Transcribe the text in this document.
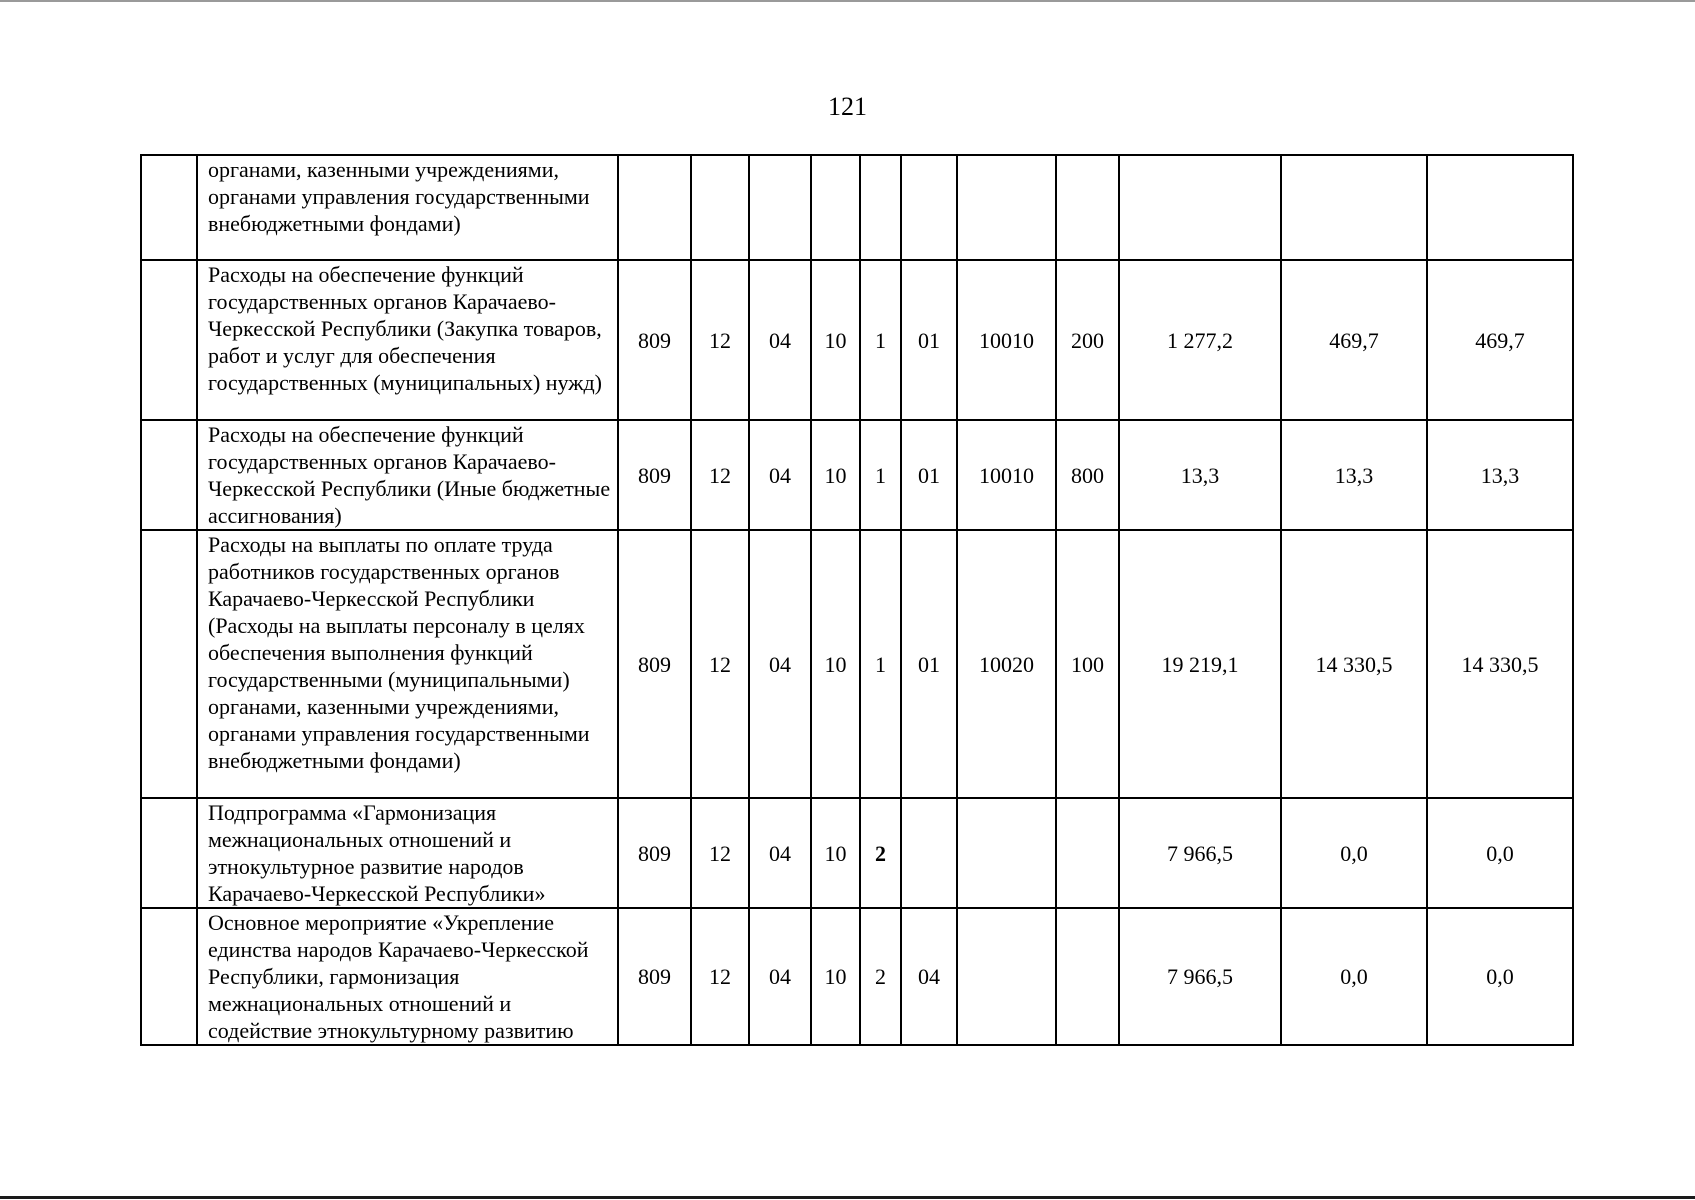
121

	органами, казенными учреждениями, органами управления государственными внебюджетными фондами)											

	Расходы на обеспечение функций государственных органов Карачаево-Черкесской Республики (Закупка товаров, работ и услуг для обеспечения государственных (муниципальных) нужд)	809	12	04	10	1	01	10010	200	1 277,2	469,7	469,7

	Расходы на обеспечение функций государственных органов Карачаево-Черкесской Республики (Иные бюджетные ассигнования)	809	12	04	10	1	01	10010	800	13,3	13,3	13,3

	Расходы на выплаты по оплате труда работников государственных органов Карачаево-Черкесской Республики (Расходы на выплаты персоналу в целях обеспечения выполнения функций государственными (муниципальными) органами, казенными учреждениями, органами управления государственными внебюджетными фондами)	809	12	04	10	1	01	10020	100	19 219,1	14 330,5	14 330,5

	Подпрограмма «Гармонизация межнациональных отношений и этнокультурное развитие народов Карачаево-Черкесской Республики»	809	12	04	10	2				7 966,5	0,0	0,0

	Основное мероприятие «Укрепление единства народов Карачаево-Черкесской Республики, гармонизация межнациональных отношений и содействие этнокультурному развитию	809	12	04	10	2	04			7 966,5	0,0	0,0
